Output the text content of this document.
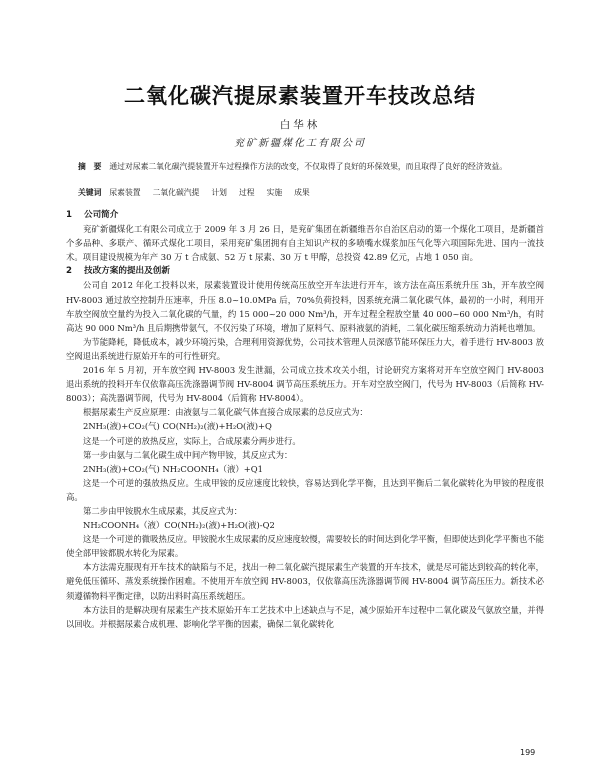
二氧化碳汽提尿素装置开车技改总结
白华林
兖矿新疆煤化工有限公司
摘　要 通过对尿素二氧化碳汽提装置开车过程操作方法的改变，不仅取得了良好的环保效果，而且取得了良好的经济效益。
关键词 尿素装置 二氧化碳汽提 计划 过程 实施 成果
1 公司简介

兖矿新疆煤化工有限公司成立于 2009 年 3 月 26 日，是兖矿集团在新疆维吾尔自治区启动的第一个煤化工项目，是新疆首个多品种、多联产、循环式煤化工项目，采用兖矿集团拥有自主知识产权的多喷嘴水煤浆加压气化等六项国际先进、国内一流技术。项目建设规模为年产 30 万 t 合成氨、52 万 t 尿素、30 万 t 甲醇，总投资 42.89 亿元，占地 1 050 亩。

2 技改方案的提出及创新

公司自 2012 年化工投料以来，尿素装置设计使用传统高压放空开车法进行开车，该方法在高压系统升压 3h，开车放空阀 HV-8003 通过放空控制升压速率，升压 8.0~10.0MPa 后，70%负荷投料，因系统充满二氧化碳气体，最初的一小时，利用开车放空阀放空量约为投入二氧化碳的气量，约 15 000~20 000 Nm³/h，开车过程全程放空量 40 000~60 000 Nm³/h，有时高达 90 000 Nm³/h 且后期携带氨气，不仅污染了环境，增加了原料气、原料液氨的消耗，二氧化碳压缩系统动力消耗也增加。

为节能降耗，降低成本，减少环境污染，合理利用资源优势，公司技术管理人员深感节能环保压力大，着手进行 HV-8003 放空阀退出系统进行原始开车的可行性研究。

2016 年 5 月初，开车放空阀 HV-8003 发生泄漏，公司成立技术攻关小组，讨论研究方案将对开车空放空阀门 HV-8003 退出系统的投料开车仅依靠高压洗涤器调节阀 HV-8004 调节高压系统压力。开车对空放空阀门，代号为 HV-8003（后简称 HV-8003）；高洗器调节阀，代号为 HV-8004（后简称 HV-8004）。

根据尿素生产反应原理：由液氨与二氧化碳气体直接合成尿素的总反应式为：

2NH₃(液)+CO₂(气) CO(NH₂)₂(液)+H₂O(液)+Q

这是一个可逆的放热反应，实际上，合成尿素分两步进行。

第一步由氨与二氧化碳生成中间产物甲铵，其反应式为：

2NH₃(液)+CO₂(气) NH₂COONH₄（液）+Q1

这是一个可逆的强放热反应。生成甲铵的反应速度比较快，容易达到化学平衡，且达到平衡后二氧化碳转化为甲铵的程度很高。

第二步由甲铵脱水生成尿素，其反应式为：

NH₂COONH₄（液）CO(NH₂)₂(液)+H₂O(液)-Q2

这是一个可逆的微吸热反应。甲铵脱水生成尿素的反应速度较慢，需要较长的时间达到化学平衡，但即使达到化学平衡也不能使全部甲铵都脱水转化为尿素。

本方法需克服现有开车技术的缺陷与不足，找出一种二氧化碳汽提尿素生产装置的开车技术，就是尽可能达到较高的转化率，避免低压循环、蒸发系统操作困难。不使用开车放空阀 HV-8003，仅依靠高压洗涤器调节阀 HV-8004 调节高压压力。新技术必须遵循物料平衡定律，以防出料时高压系统超压。

本方法目的是解决现有尿素生产技术原始开车工艺技术中上述缺点与不足，减少原始开车过程中二氧化碳及气氨放空量，并得以回收。并根据尿素合成机理、影响化学平衡的因素，确保二氧化碳转化

199
